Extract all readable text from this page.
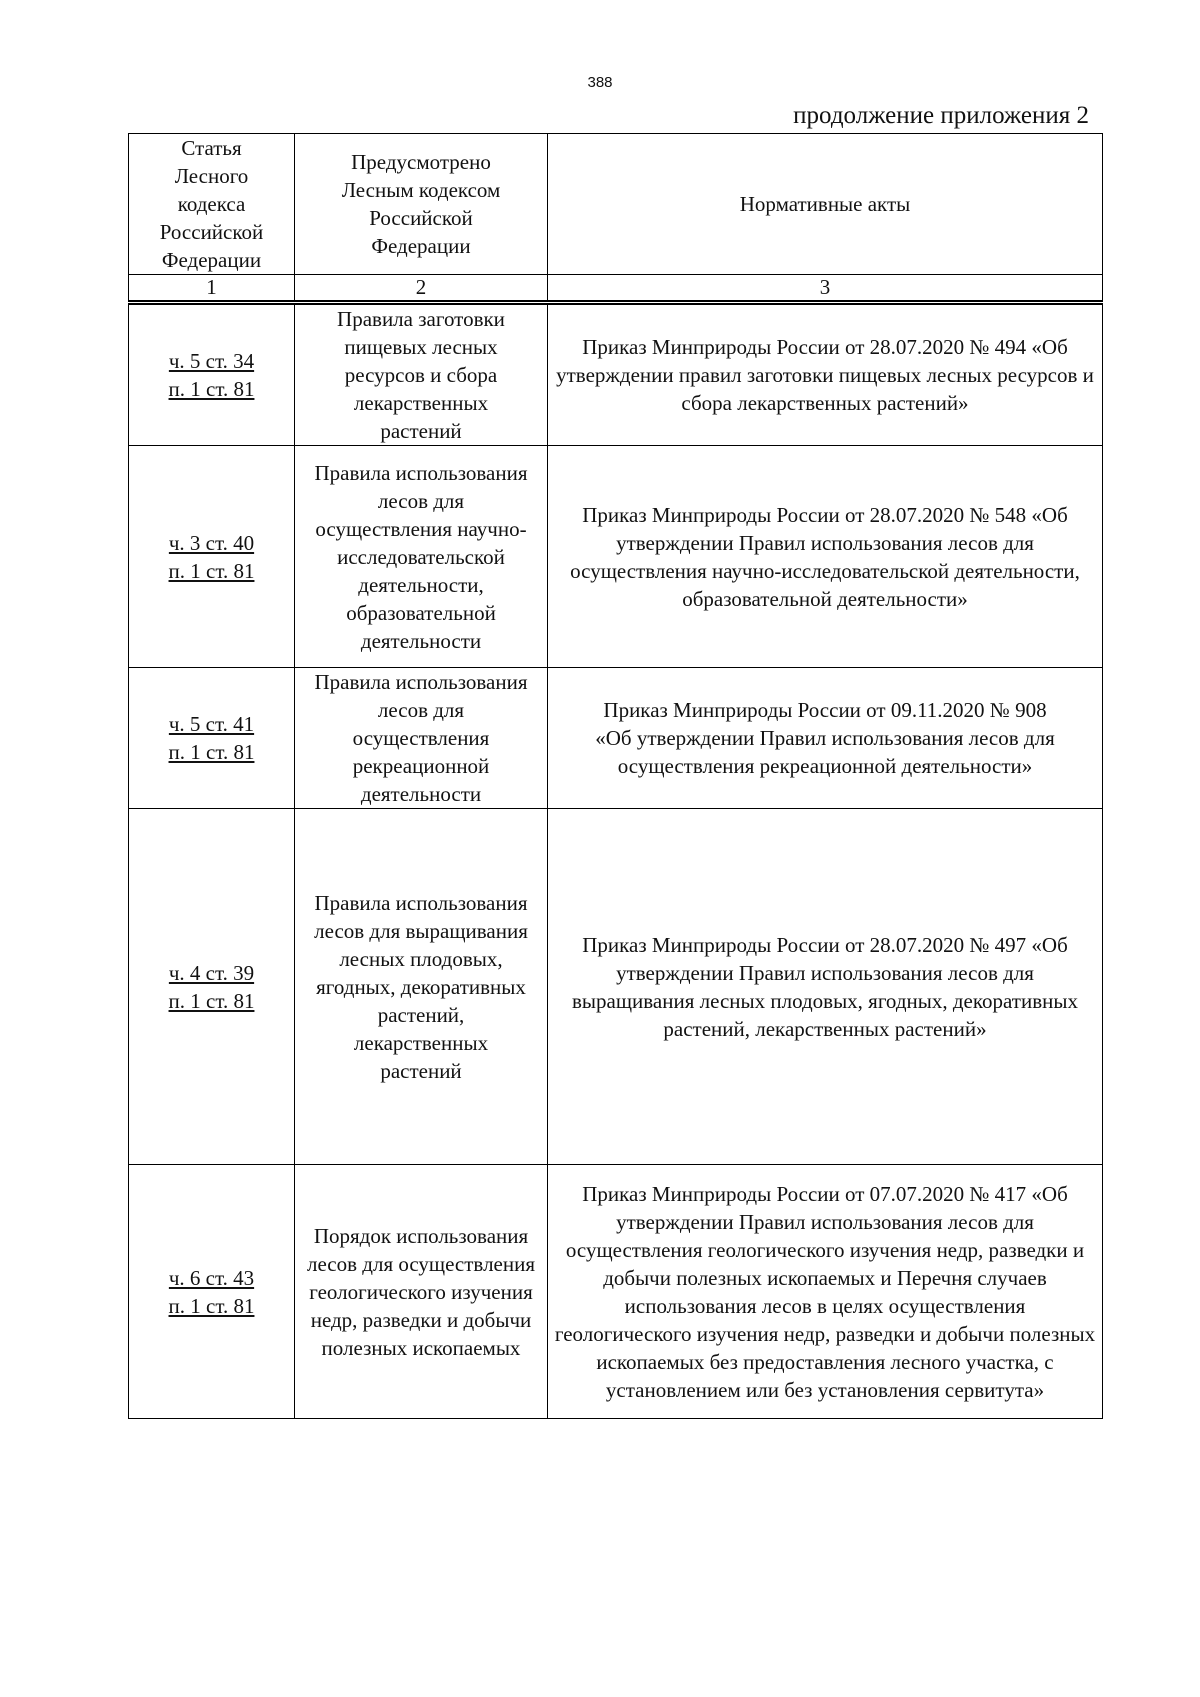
388
продолжение приложения 2
Статья Лесного кодекса Российской Федерации	Предусмотрено Лесным кодексом Российской Федерации	Нормативные акты
1	2	3

ч. 5 ст. 34
п. 1 ст. 81	Правила заготовки пищевых лесных ресурсов и сбора лекарственных растений	Приказ Минприроды России от 28.07.2020 № 494 «Об утверждении правил заготовки пищевых лесных ресурсов и сбора лекарственных растений»

ч. 3 ст. 40
п. 1 ст. 81	Правила использования лесов для осуществления научно-исследовательской деятельности, образовательной деятельности	Приказ Минприроды России от 28.07.2020 № 548 «Об утверждении Правил использования лесов для осуществления научно-исследовательской деятельности, образовательной деятельности»

ч. 5 ст. 41
п. 1 ст. 81	Правила использования лесов для осуществления рекреационной деятельности	Приказ Минприроды России от 09.11.2020 № 908 «Об утверждении Правил использования лесов для осуществления рекреационной деятельности»

ч. 4 ст. 39
п. 1 ст. 81	Правила использования лесов для выращивания лесных плодовых, ягодных, декоративных растений, лекарственных растений	Приказ Минприроды России от 28.07.2020 № 497 «Об утверждении Правил использования лесов для выращивания лесных плодовых, ягодных, декоративных растений, лекарственных растений»

ч. 6 ст. 43
п. 1 ст. 81	Порядок использования лесов для осуществления геологического изучения недр, разведки и добычи полезных ископаемых	Приказ Минприроды России от 07.07.2020 № 417 «Об утверждении Правил использования лесов для осуществления геологического изучения недр, разведки и добычи полезных ископаемых и Перечня случаев использования лесов в целях осуществления геологического изучения недр, разведки и добычи полезных ископаемых без предоставления лесного участка, с установлением или без установления сервитута»
